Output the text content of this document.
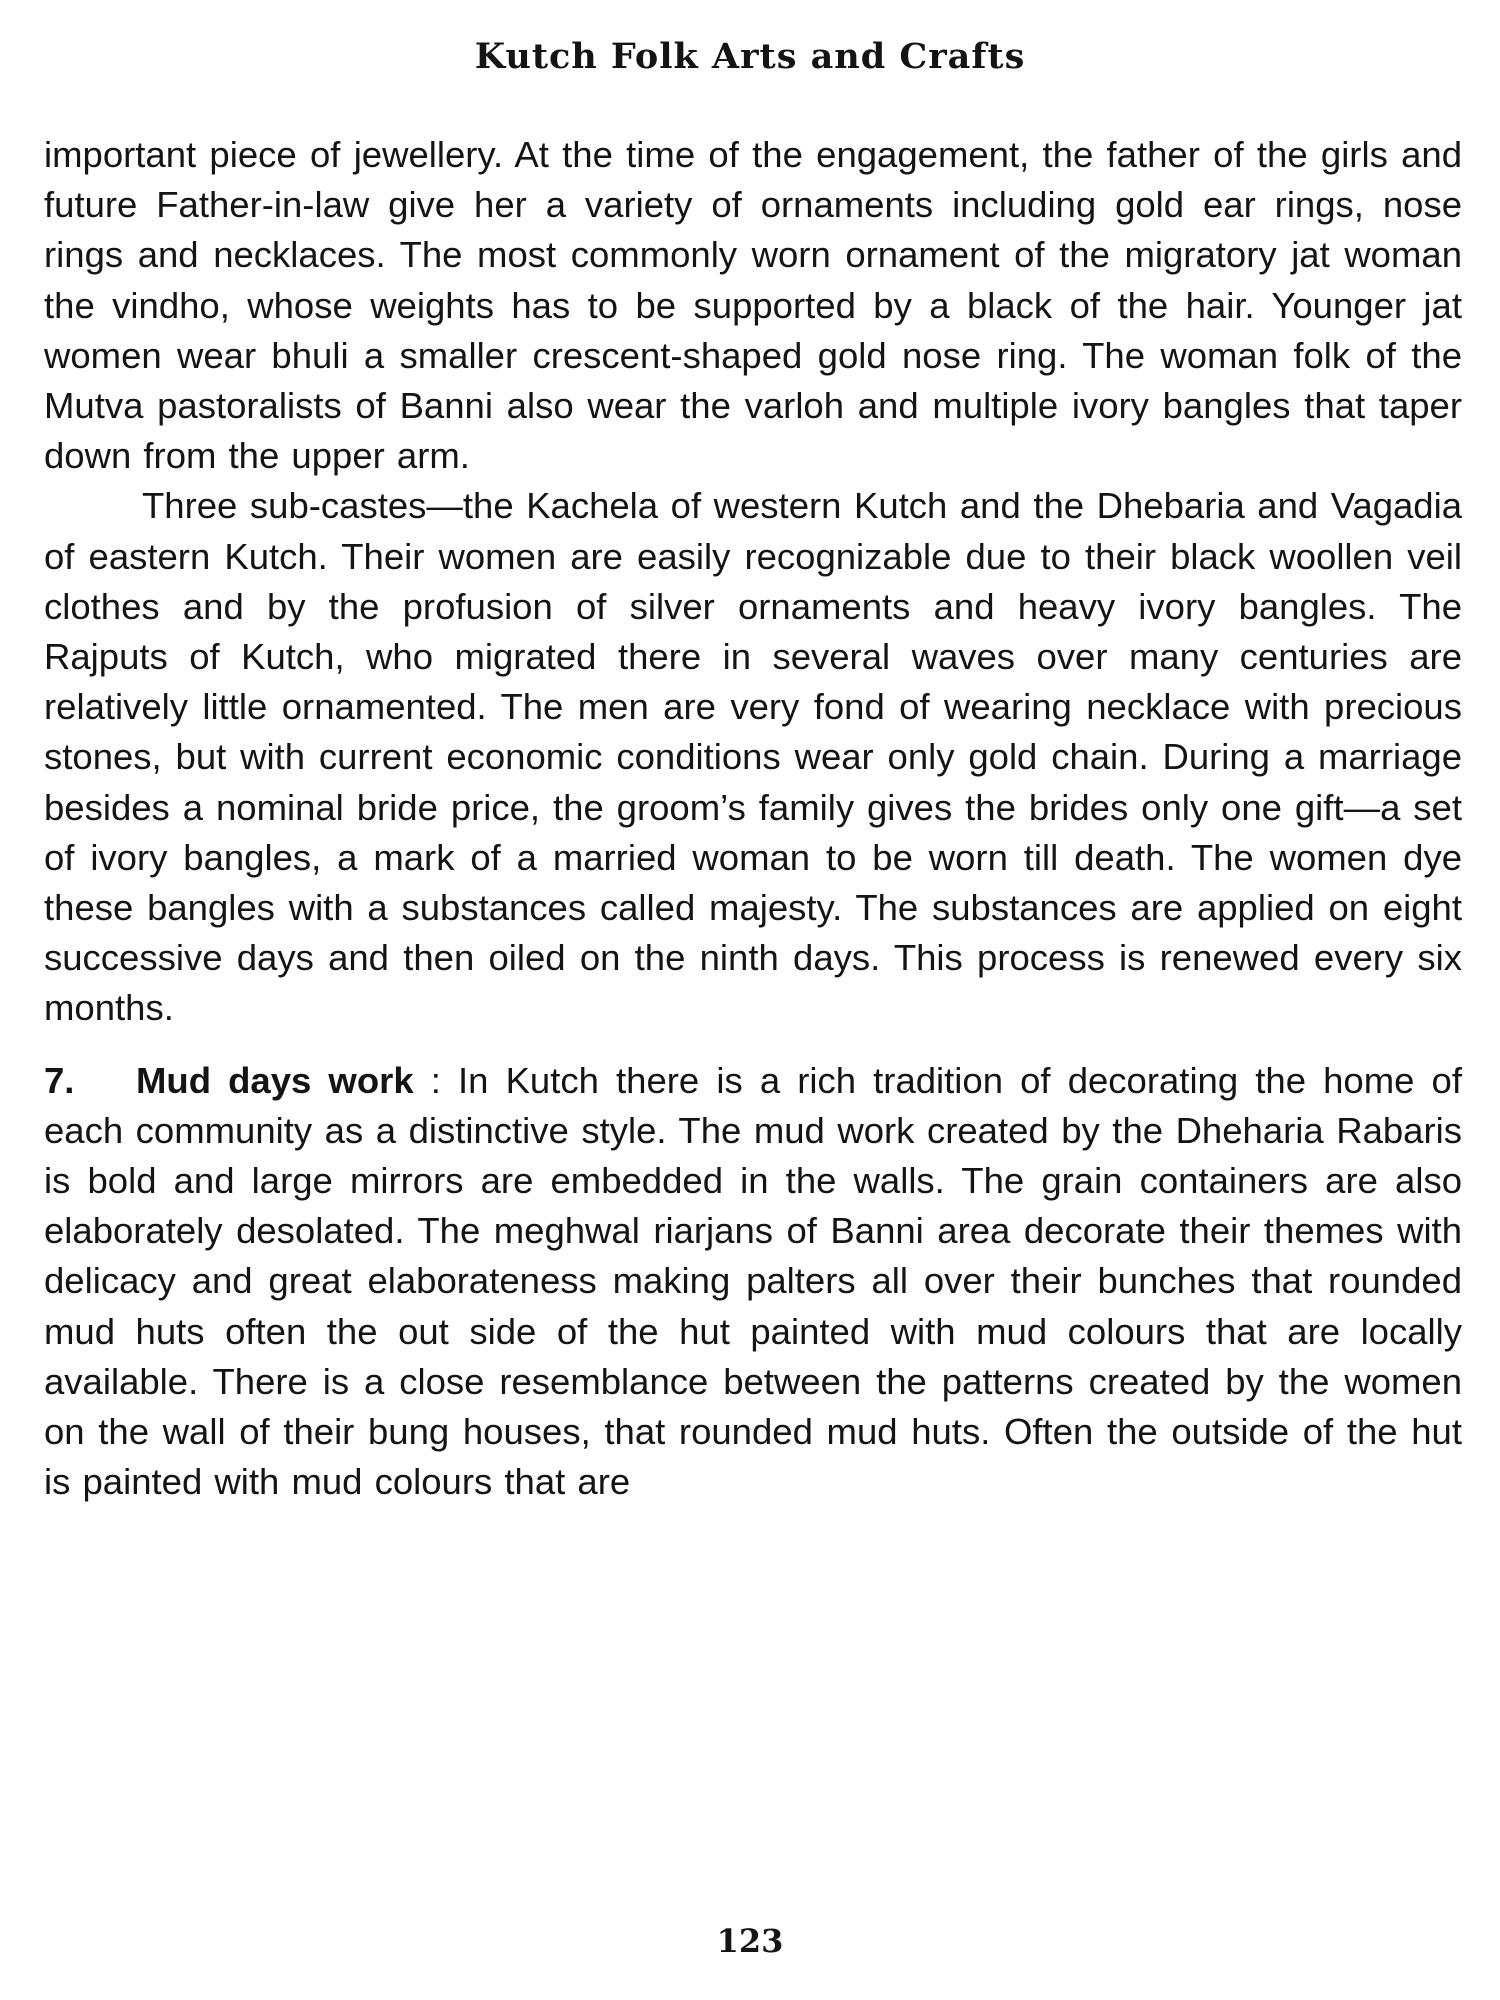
Kutch Folk Arts and Crafts

important piece of jewellery. At the time of the engagement, the father of the girls and future Father-in-law give her a variety of ornaments including gold ear rings, nose rings and necklaces. The most commonly worn ornament of the migratory jat woman the vindho, whose weights has to be supported by a black of the hair. Younger jat women wear bhuli a smaller crescent-shaped gold nose ring. The woman folk of the Mutva pastoralists of Banni also wear the varloh and multiple ivory bangles that taper down from the upper arm.

Three sub-castes—the Kachela of western Kutch and the Dhebaria and Vagadia of eastern Kutch. Their women are easily recognizable due to their black woollen veil clothes and by the profusion of silver ornaments and heavy ivory bangles. The Rajputs of Kutch, who migrated there in several waves over many centuries are relatively little ornamented. The men are very fond of wearing necklace with precious stones, but with current economic conditions wear only gold chain. During a marriage besides a nominal bride price, the groom’s family gives the brides only one gift—a set of ivory bangles, a mark of a married woman to be worn till death. The women dye these bangles with a substances called majesty. The substances are applied on eight successive days and then oiled on the ninth days. This process is renewed every six months.

7. Mud days work : In Kutch there is a rich tradition of decorating the home of each community as a distinctive style. The mud work created by the Dheharia Rabaris is bold and large mirrors are embedded in the walls. The grain containers are also elaborately desolated. The meghwal riarjans of Banni area decorate their themes with delicacy and great elaborateness making palters all over their bunches that rounded mud huts often the out side of the hut painted with mud colours that are locally available. There is a close resemblance between the patterns created by the women on the wall of their bung houses, that rounded mud huts. Often the outside of the hut is painted with mud colours that are

123
